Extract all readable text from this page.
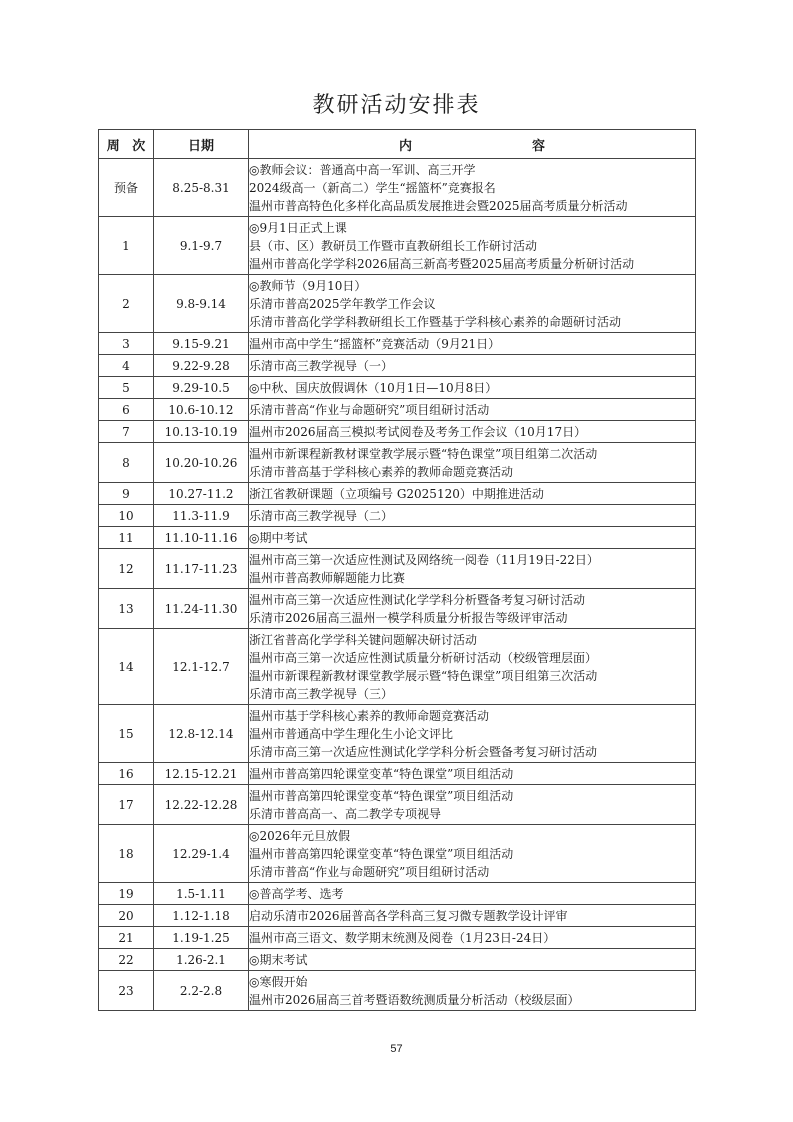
教研活动安排表
周 次	日期	内容
预备	8.25-8.31	◎教师会议：普通高中高一军训、高三开学
2024级高一（新高二）学生“摇篮杯”竞赛报名
温州市普高特色化多样化高品质发展推进会暨2025届高考质量分析活动

1	9.1-9.7	◎9月1日正式上课
县（市、区）教研员工作暨市直教研组长工作研讨活动
温州市普高化学学科2026届高三新高考暨2025届高考质量分析研讨活动

2	9.8-9.14	◎教师节（9月10日）
乐清市普高2025学年教学工作会议
乐清市普高化学学科教研组长工作暨基于学科核心素养的命题研讨活动

3	9.15-9.21	温州市高中学生“摇篮杯”竞赛活动（9月21日）

4	9.22-9.28	乐清市高三教学视导（一）

5	9.29-10.5	◎中秋、国庆放假调休（10月1日—10月8日）

6	10.6-10.12	乐清市普高“作业与命题研究”项目组研讨活动

7	10.13-10.19	温州市2026届高三模拟考试阅卷及考务工作会议（10月17日）

8	10.20-10.26	温州市新课程新教材课堂教学展示暨“特色课堂”项目组第二次活动
乐清市普高基于学科核心素养的教师命题竞赛活动

9	10.27-11.2	浙江省教研课题（立项编号 G2025120）中期推进活动

10	11.3-11.9	乐清市高三教学视导（二）

11	11.10-11.16	◎期中考试

12	11.17-11.23	温州市高三第一次适应性测试及网络统一阅卷（11月19日-22日）
温州市普高教师解题能力比赛

13	11.24-11.30	温州市高三第一次适应性测试化学学科分析暨备考复习研讨活动
乐清市2026届高三温州一模学科质量分析报告等级评审活动

14	12.1-12.7	浙江省普高化学学科关键问题解决研讨活动
温州市高三第一次适应性测试质量分析研讨活动（校级管理层面）
温州市新课程新教材课堂教学展示暨“特色课堂”项目组第三次活动
乐清市高三教学视导（三）

15	12.8-12.14	温州市基于学科核心素养的教师命题竞赛活动
温州市普通高中学生理化生小论文评比
乐清市高三第一次适应性测试化学学科分析会暨备考复习研讨活动

16	12.15-12.21	温州市普高第四轮课堂变革“特色课堂”项目组活动

17	12.22-12.28	温州市普高第四轮课堂变革“特色课堂”项目组活动
乐清市普高高一、高二教学专项视导

18	12.29-1.4	◎2026年元旦放假
温州市普高第四轮课堂变革“特色课堂”项目组活动
乐清市普高“作业与命题研究”项目组研讨活动

19	1.5-1.11	◎普高学考、选考

20	1.12-1.18	启动乐清市2026届普高各学科高三复习微专题教学设计评审

21	1.19-1.25	温州市高三语文、数学期末统测及阅卷（1月23日-24日）

22	1.26-2.1	◎期末考试

23	2.2-2.8	◎寒假开始
温州市2026届高三首考暨语数统测质量分析活动（校级层面）
57
